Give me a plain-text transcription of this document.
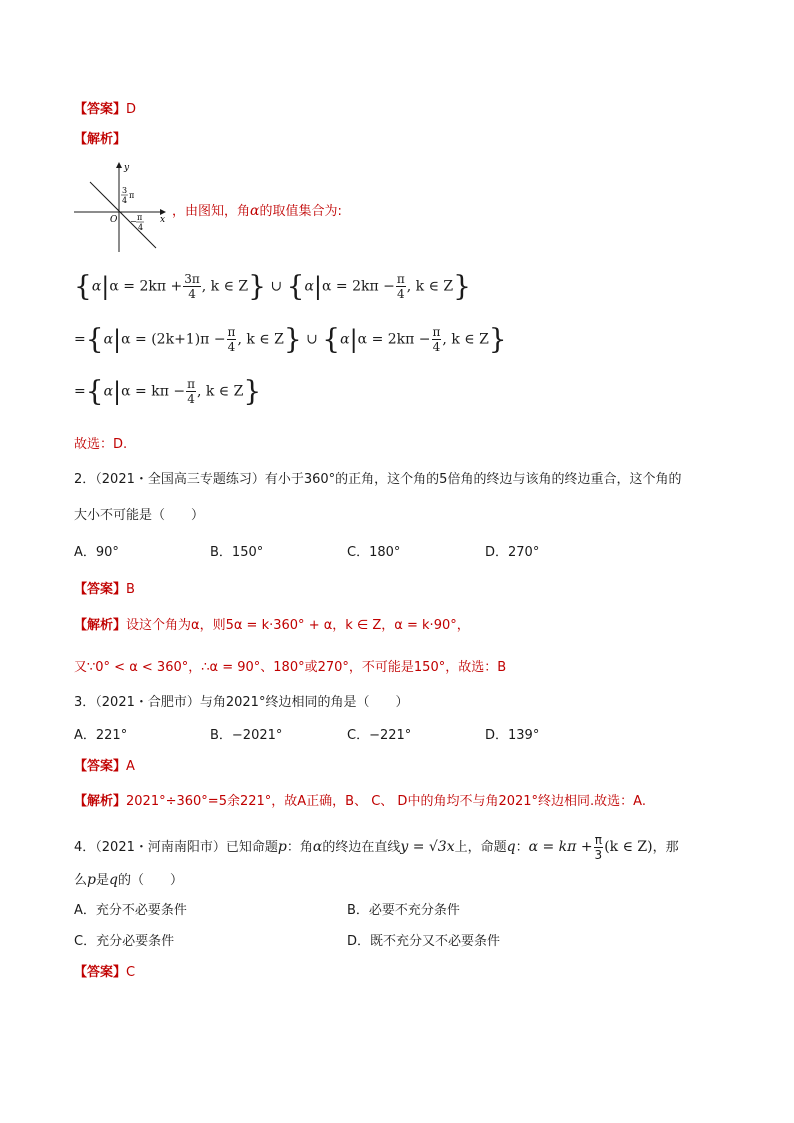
【答案】D
【解析】
y
x
O
3
4
π
− π
4
，由图知，角α的取值集合为:
{$\alpha|\alpha = 2k\pi + \frac{3\pi}{4}$ , k ∈ Z} ∪ {$\alpha|\alpha = 2k\pi - \frac{\pi}{4}$ , k ∈ Z}
$=\{\alpha|\alpha = (2k+1)\pi - \frac{\pi}{4}$ , k ∈ Z} ∪ {$\alpha|\alpha = 2k\pi - \frac{\pi}{4}$ , k ∈ Z}
$=\{\alpha|\alpha = k\pi - \frac{\pi}{4}$ , k ∈ Z}
故选：D.
2．（2021・全国高三专题练习）有小于360°的正角，这个角的5倍角的终边与该角的终边重合，这个角的
大小不可能是（　　）
A．90°	B．150°	C．180°	D．270°
【答案】B
【解析】设这个角为α，则5α = k·360° + α，k ∈ Z，α = k·90°，
又∵0° < α < 360°，∴α = 90°、180°或270°，不可能是150°，故选：B
3．（2021・合肥市）与角2021°终边相同的角是（　　）
A．221°	B．−2021°	C．−221°	D．139°
【答案】A
【解析】2021°÷360°=5余221°，故A正确，B、 C、 D中的角均不与角2021°终边相同.故选：A.
4．（2021・河南南阳市）已知命题p：角α的终边在直线y = √3x上，命题q：$\alpha = k\pi + \frac{\pi}{3} (k$ ∈ Z)，那
么p是q的（　　）
A．充分不必要条件	B．必要不充分条件
C．充分必要条件	D．既不充分又不必要条件
【答案】C
